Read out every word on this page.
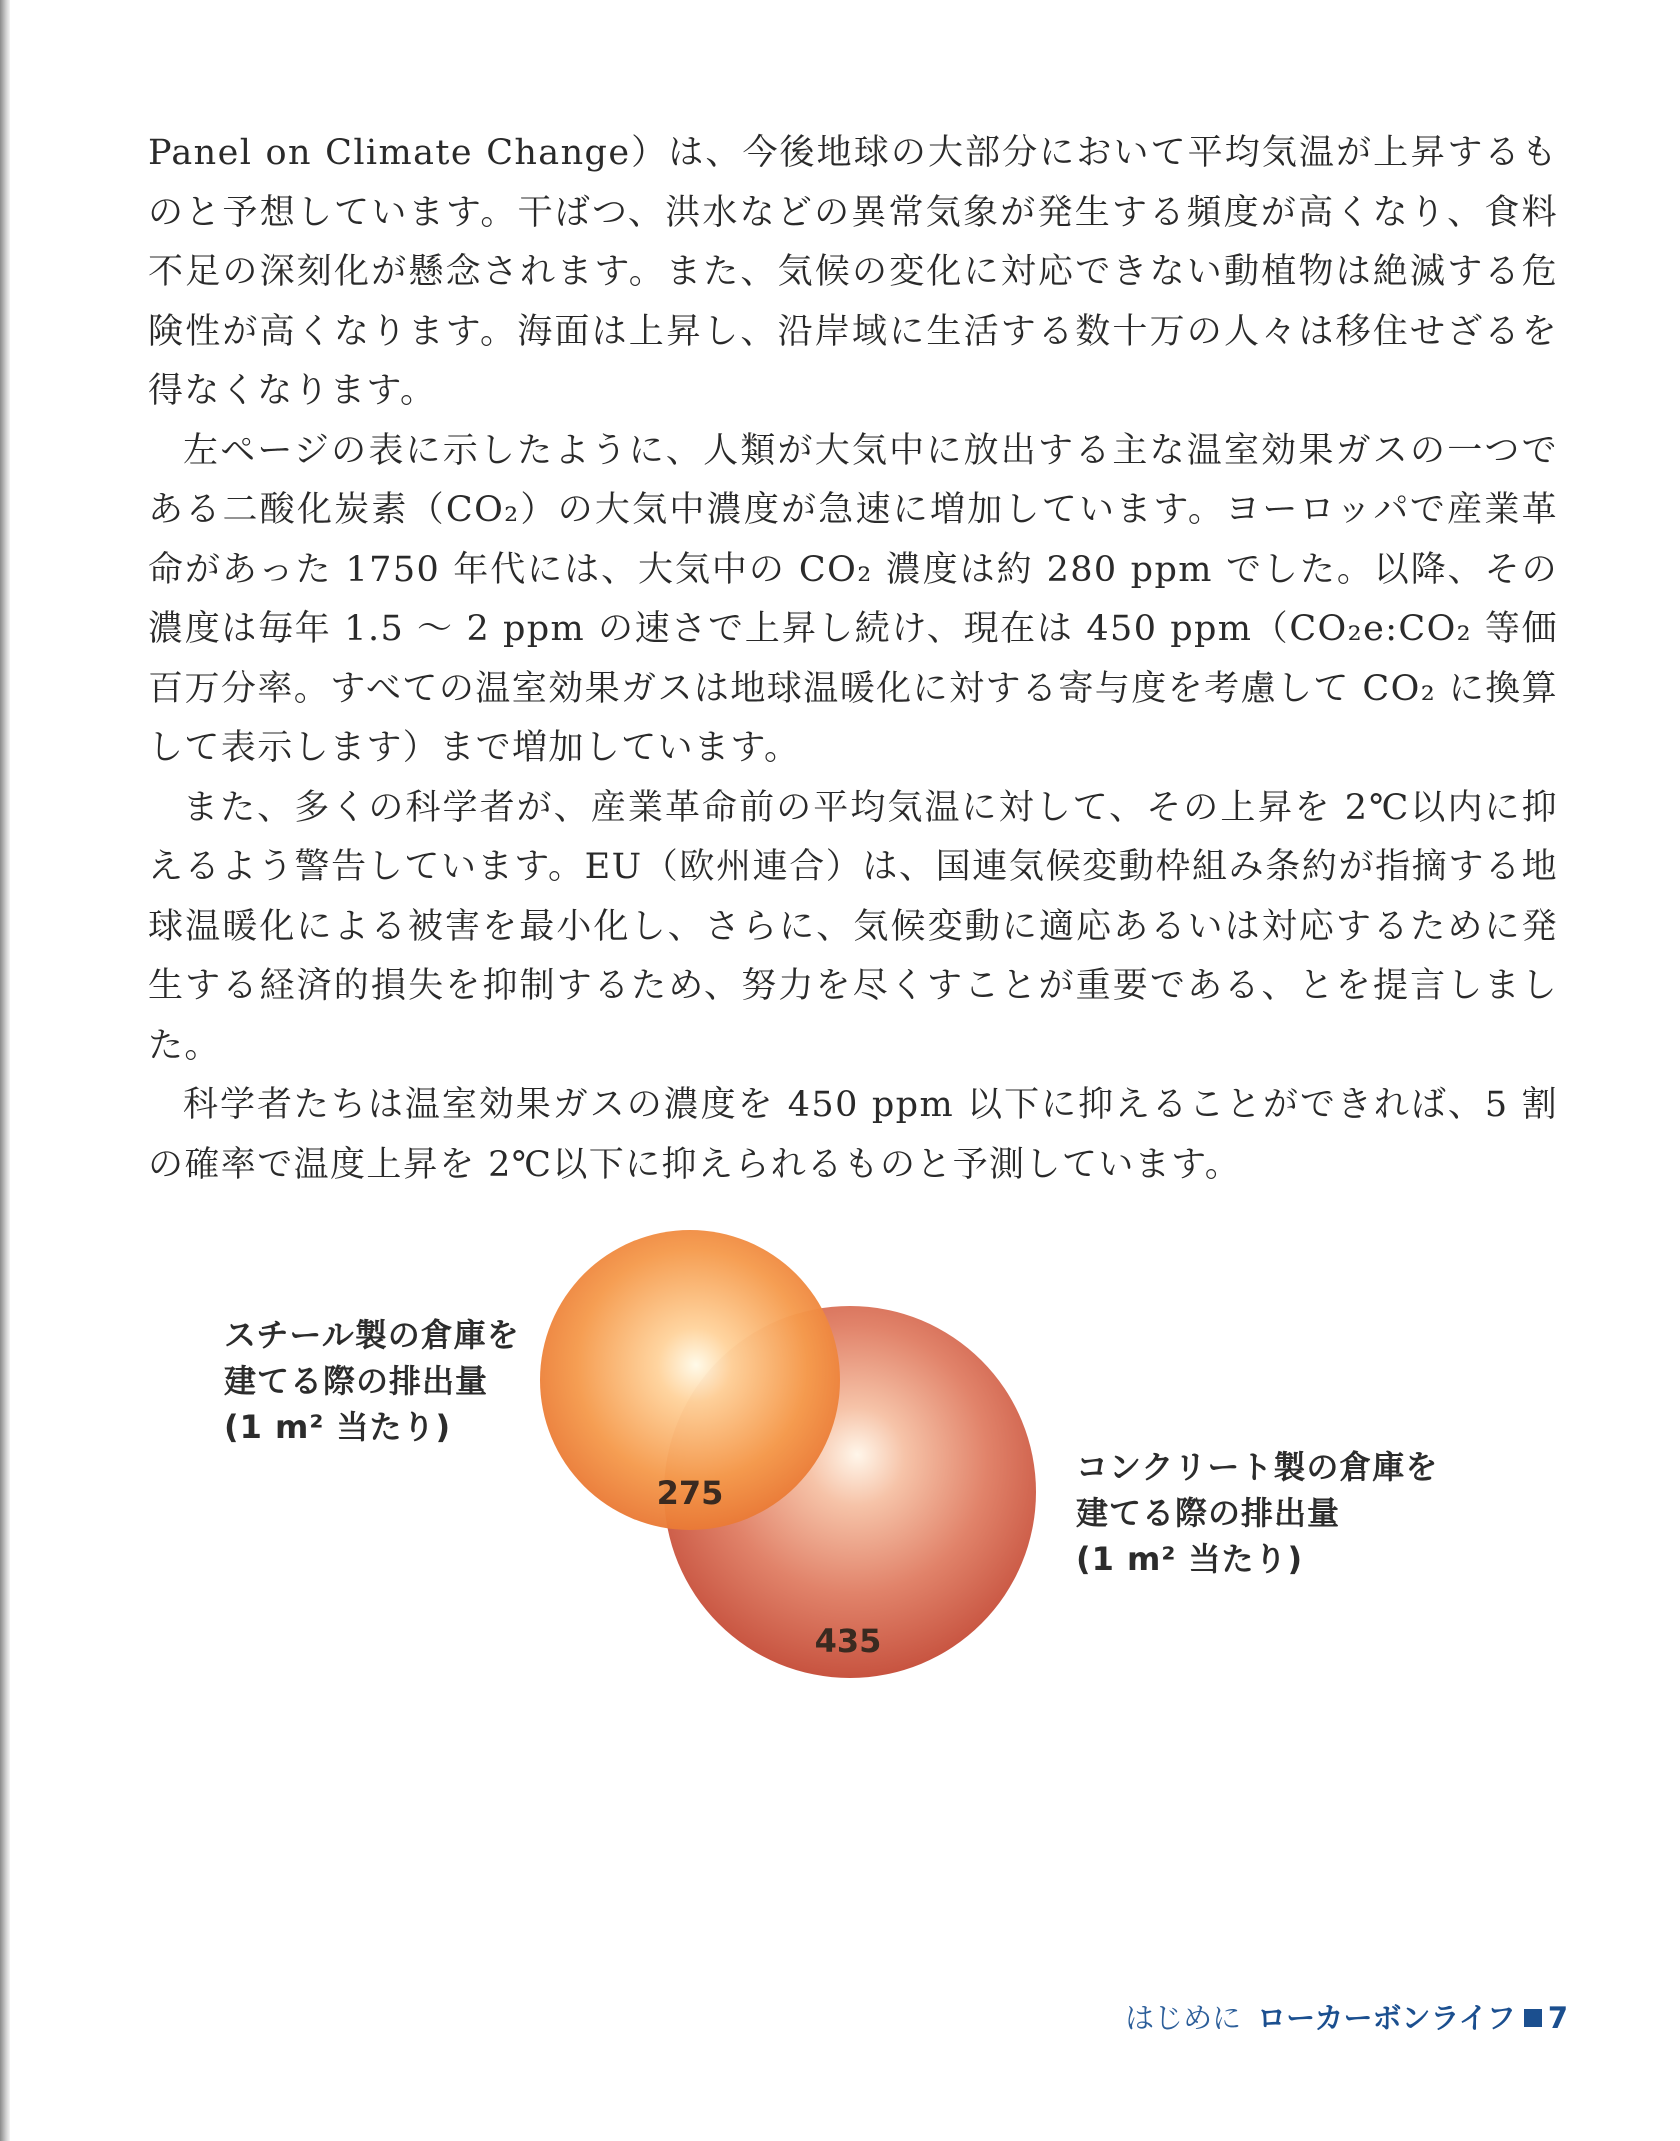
Panel on Climate Change）は、今後地球の大部分において平均気温が上昇するものと予想しています。干ばつ、洪水などの異常気象が発生する頻度が高くなり、食料不足の深刻化が懸念されます。また、気候の変化に対応できない動植物は絶滅する危険性が高くなります。海面は上昇し、沿岸域に生活する数十万の人々は移住せざるを得なくなります。

左ページの表に示したように、人類が大気中に放出する主な温室効果ガスの一つである二酸化炭素（CO₂）の大気中濃度が急速に増加しています。ヨーロッパで産業革命があった 1750 年代には、大気中の CO₂ 濃度は約 280 ppm でした。以降、その濃度は毎年 1.5 ～ 2 ppm の速さで上昇し続け、現在は 450 ppm（CO₂e:CO₂ 等価百万分率。すべての温室効果ガスは地球温暖化に対する寄与度を考慮して CO₂ に換算して表示します）まで増加しています。

また、多くの科学者が、産業革命前の平均気温に対して、その上昇を 2℃以内に抑えるよう警告しています。EU（欧州連合）は、国連気候変動枠組み条約が指摘する地球温暖化による被害を最小化し、さらに、気候変動に適応あるいは対応するために発生する経済的損失を抑制するため、努力を尽くすことが重要である、とを提言しました。

科学者たちは温室効果ガスの濃度を 450 ppm 以下に抑えることができれば、5 割の確率で温度上昇を 2℃以下に抑えられるものと予測しています。

275
435
スチール製の倉庫を
建てる際の排出量
(1 m² 当たり)
コンクリート製の倉庫を
建てる際の排出量
(1 m² 当たり)
はじめに ローカーボンライフ 7
